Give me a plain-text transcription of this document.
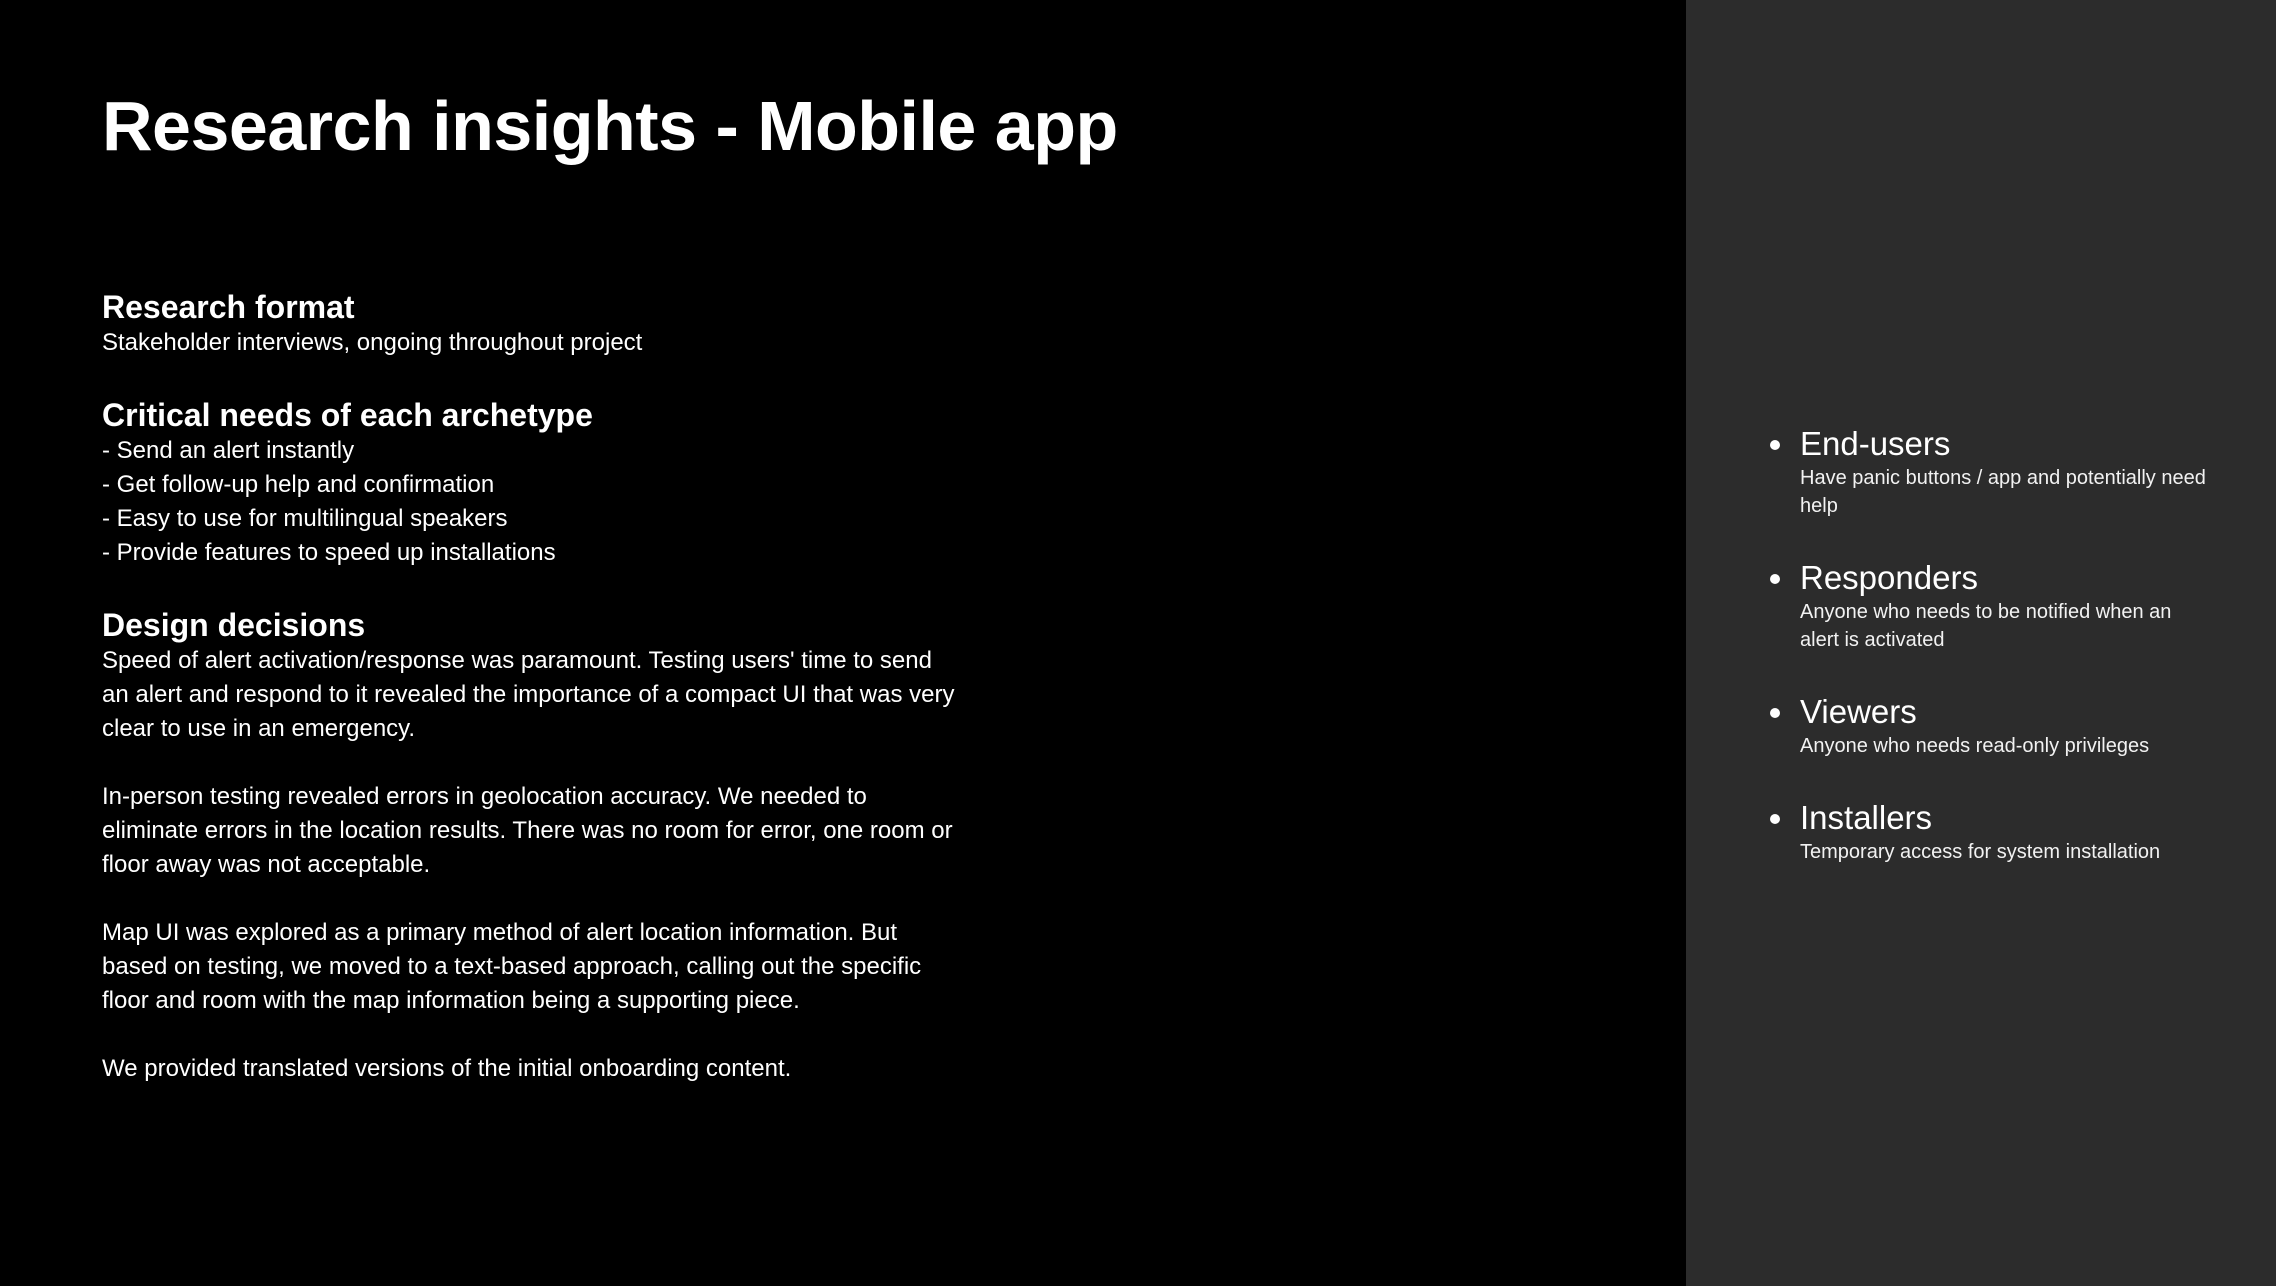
Research insights - Mobile app
Research format

Stakeholder interviews, ongoing throughout project

Critical needs of each archetype
- Send an alert instantly
- Get follow-up help and confirmation
- Easy to use for multilingual speakers
- Provide features to speed up installations
Design decisions

Speed of alert activation/response was paramount. Testing users' time to send an alert and respond to it revealed the importance of a compact UI that was very clear to use in an emergency.

In-person testing revealed errors in geolocation accuracy. We needed to eliminate errors in the location results. There was no room for error, one room or floor away was not acceptable.

Map UI was explored as a primary method of alert location information. But based on testing, we moved to a text-based approach, calling out the specific floor and room with the map information being a supporting piece.

We provided translated versions of the initial onboarding content.

End-users
Have panic buttons / app and potentially need help
Responders
Anyone who needs to be notified when an alert is activated
Viewers
Anyone who needs read-only privileges
Installers
Temporary access for system installation
